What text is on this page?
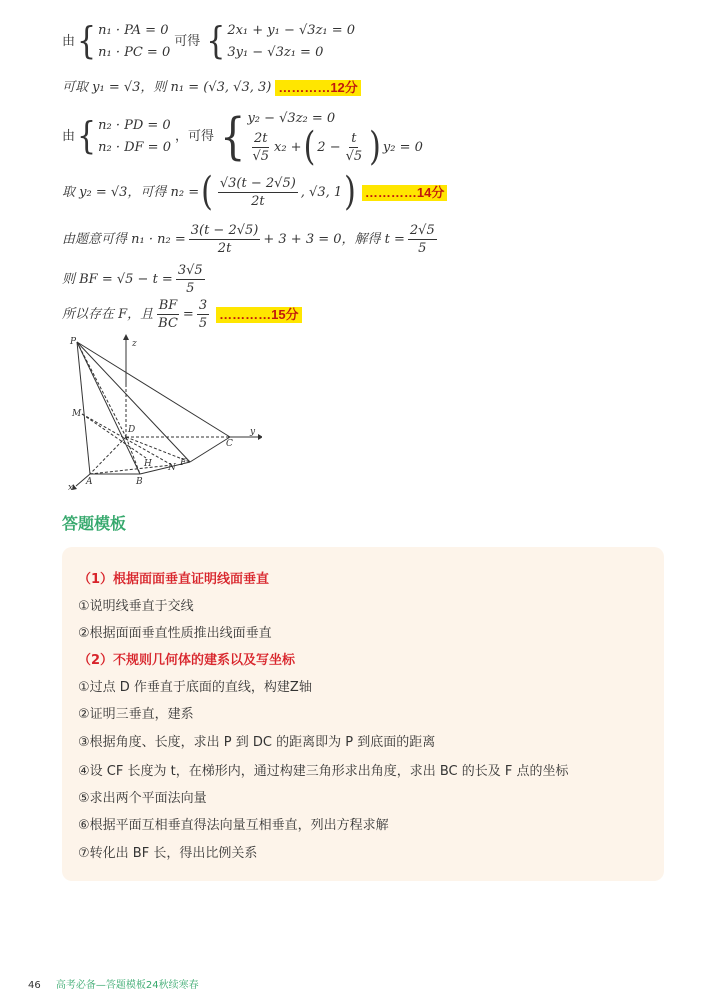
由 { n₁ · PA = 0
n₁ · PC = 0
可得 { 2x₁ + y₁ − √3z₁ = 0
3y₁ − √3z₁ = 0
可取 y₁ = √3，则 n₁ = (√3, √3, 3) …………12分
由 { n₂ · PD = 0
n₂ · DF = 0
，可得 { y₂ − √3z₂ = 0
$\frac{2t}{√5} x_2$ + ( $2 - \frac{t}{√5}$ ) y₂ = 0
取 y₂ = √3，可得 n₂ = ( $\frac{√3(t - 2√5)}{2t}$ , √3, 1 ) …………14分
由题意可得 $n_1 \cdot n_2 = \frac{3(t - 2√5)}{2t} + 3 + 3 = 0$，解得 $t = \frac{2√5}{5}$
则 BF = $√5 - t = \frac{3√5}{5}$
所以存在 F，且 $\frac{BF}{BC} = \frac{3}{5}$ …………15分
P	z
M
D
C
y
H N F
A	B
x
答题模板
（1）根据面面垂直证明线面垂直
①说明线垂直于交线
②根据面面垂直性质推出线面垂直
（2）不规则几何体的建系以及写坐标
①过点 D 作垂直于底面的直线，构建Z轴
②证明三垂直，建系
③根据角度、长度，求出 P 到 DC 的距离即为 P 到底面的距离
④设 CF 长度为 t，在梯形内，通过构建三角形求出角度，求出 BC 的长及 F 点的坐标
⑤求出两个平面法向量
⑥根据平面互相垂直得法向量互相垂直，列出方程求解
⑦转化出 BF 长，得出比例关系
46 高考必备—答题模板24秋续寒春
